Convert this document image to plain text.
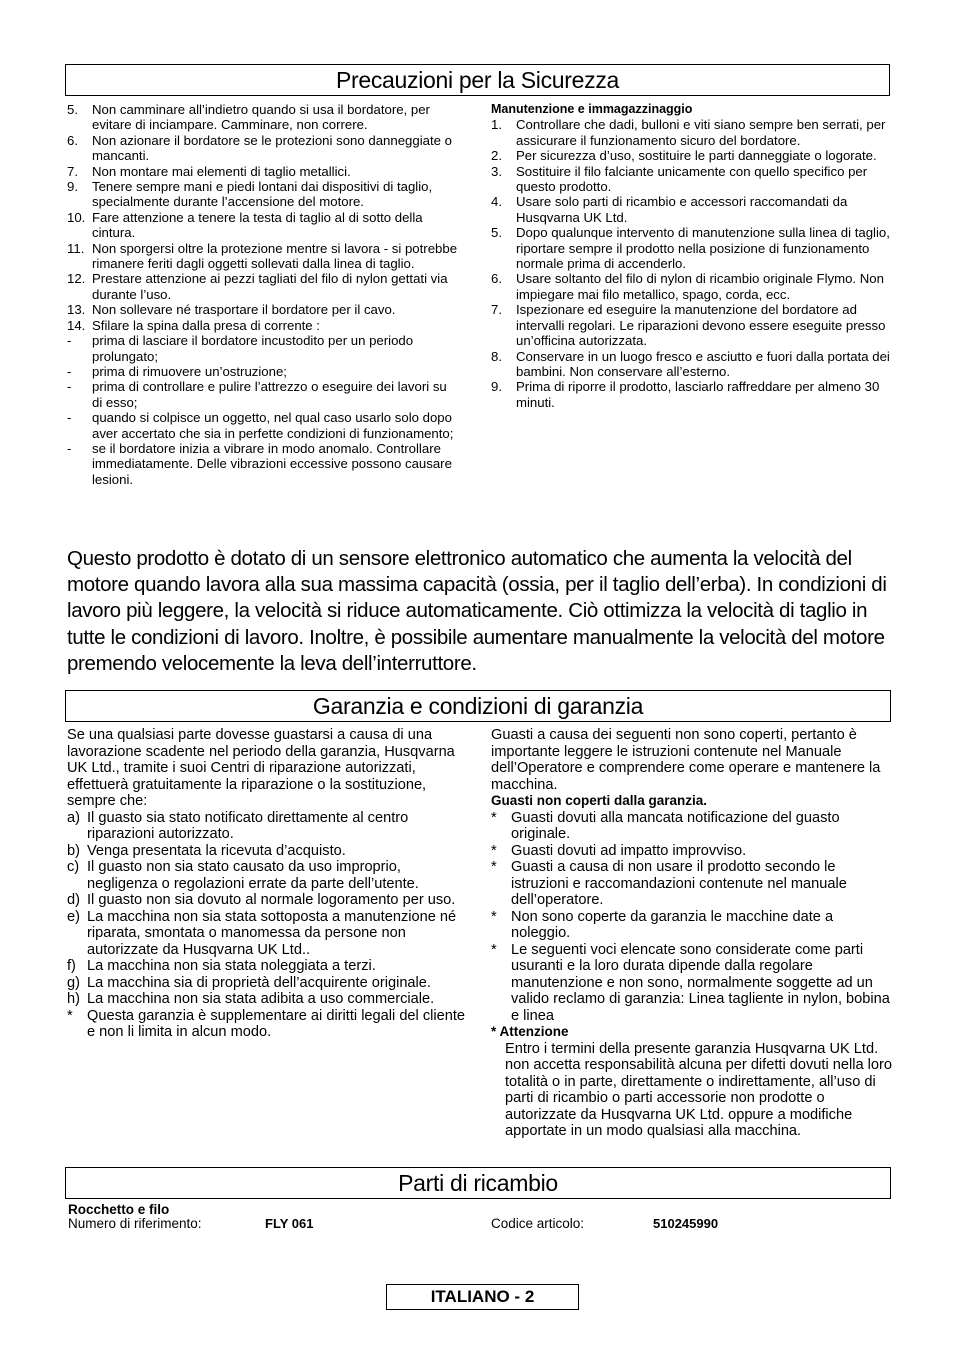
Precauzioni per la Sicurezza
5.	Non camminare all’indietro quando si usa il bordatore, per evitare di inciampare. Camminare, non correre.
6.	Non azionare il bordatore se le protezioni sono danneggiate o mancanti.
7.	Non montare mai elementi di taglio metallici.
9.	Tenere sempre mani e piedi lontani dai dispositivi di taglio, specialmente durante l’accensione del motore.
10. Fare attenzione a tenere la testa di taglio al di sotto della cintura.
11. Non sporgersi oltre la protezione mentre si lavora - si potrebbe rimanere feriti dagli oggetti sollevati dalla linea di taglio.
12. Prestare attenzione ai pezzi tagliati del filo di nylon gettati via durante l’uso.
13. Non sollevare né trasportare il bordatore per il cavo.
14. Sfilare la spina dalla presa di corrente :
-	prima di lasciare il bordatore incustodito per un periodo prolungato;
-	prima di rimuovere un’ostruzione;
-	prima di controllare e pulire l’attrezzo o eseguire dei lavori su di esso;
-	quando si colpisce un oggetto, nel qual caso usarlo solo dopo aver accertato che sia in perfette condizioni di funzionamento;
-	se il bordatore inizia a vibrare in modo anomalo. Controllare immediatamente. Delle vibrazioni eccessive possono causare lesioni.
Manutenzione e immagazzinaggio
1.	Controllare che dadi, bulloni e viti siano sempre ben serrati, per assicurare il funzionamento sicuro del bordatore.
2.	Per sicurezza d’uso, sostituire le parti danneggiate o logorate.
3.	Sostituire il filo falciante unicamente con quello specifico per questo prodotto.
4.	Usare solo parti di ricambio e accessori raccomandati da Husqvarna UK Ltd.
5.	Dopo qualunque intervento di manutenzione sulla linea di taglio, riportare sempre il prodotto nella posizione di funzionamento normale prima di accenderlo.
6.	Usare soltanto del filo di nylon di ricambio originale Flymo. Non impiegare mai filo metallico, spago, corda, ecc.
7.	Ispezionare ed eseguire la manutenzione del bordatore ad intervalli regolari. Le riparazioni devono essere eseguite presso un’officina autorizzata.
8.	Conservare in un luogo fresco e asciutto e fuori dalla portata dei bambini. Non conservare all’esterno.
9.	Prima di riporre il prodotto, lasciarlo raffreddare per almeno 30 minuti.
Questo prodotto è dotato di un sensore elettronico automatico che aumenta la velocità del motore quando lavora alla sua massima capacità (ossia, per il taglio dell’erba). In condizioni di lavoro più leggere, la velocità si riduce automaticamente. Ciò ottimizza la velocità di taglio in tutte le condizioni di lavoro. Inoltre, è possibile aumentare manualmente la velocità del motore premendo velocemente la leva dell’interruttore.
Garanzia e condizioni di garanzia
Se una qualsiasi parte dovesse guastarsi a causa di una lavorazione scadente nel periodo della garanzia, Husqvarna UK Ltd., tramite i suoi Centri di riparazione autorizzati, effettuerà gratuitamente la riparazione o la sostituzione, sempre che:
a) Il guasto sia stato notificato direttamente al centro riparazioni autorizzato.
b) Venga presentata la ricevuta d’acquisto.
c) Il guasto non sia stato causato da uso improprio, negligenza o regolazioni errate da parte dell’utente.
d) Il guasto non sia dovuto al normale logoramento per uso.
e) La macchina non sia stata sottoposta a manutenzione né riparata, smontata o manomessa da persone non autorizzate da Husqvarna UK Ltd..
f) La macchina non sia stata noleggiata a terzi.
g) La macchina sia di proprietà dell’acquirente originale.
h) La macchina non sia stata adibita a uso commerciale.
* Questa garanzia è supplementare ai diritti legali del cliente e non li limita in alcun modo.
Guasti a causa dei seguenti non sono coperti, pertanto è importante leggere le istruzioni contenute nel Manuale dell’Operatore e comprendere come operare e mantenere la macchina.
Guasti non coperti dalla garanzia.
* Guasti dovuti alla mancata notificazione del guasto originale.
* Guasti dovuti ad impatto improvviso.
* Guasti a causa di non usare il prodotto secondo le istruzioni e raccomandazioni contenute nel manuale dell’operatore.
* Non sono coperte da garanzia le macchine date a noleggio.
* Le seguenti voci elencate sono considerate come parti usuranti e la loro durata dipende dalla regolare manutenzione e non sono, normalmente soggette ad un valido reclamo di garanzia: Linea tagliente in nylon, bobina e linea
* Attenzione
Entro i termini della presente garanzia Husqvarna UK Ltd. non accetta responsabilità alcuna per difetti dovuti nella loro totalità o in parte, direttamente o indirettamente, all’uso di parti di ricambio o parti accessorie non prodotte o autorizzate da Husqvarna UK Ltd. oppure a modifiche apportate in un modo qualsiasi alla macchina.
Parti di ricambio
Rocchetto e filo
Numero di riferimento:	FLY 061	Codice articolo:	510245990
ITALIANO - 2
